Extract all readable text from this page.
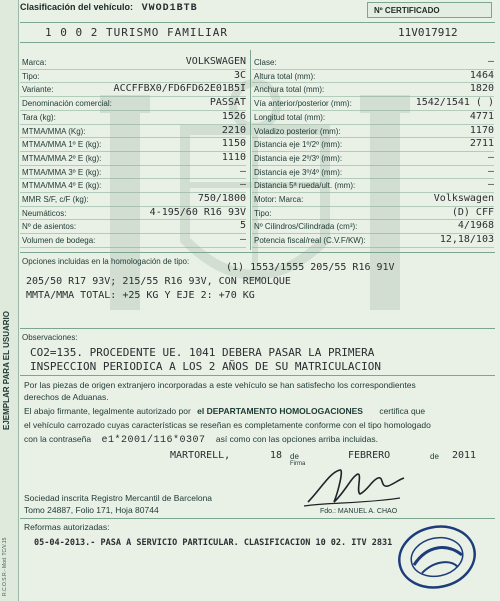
EJEMPLAR PARA EL USUARIO
R.C.O.S.R.- Mod. TC/V.15
Clasificación del vehículo: VWOD1BTB	Nº CERTIFICADO
1 0 0 2 TURISMO FAMILIAR	11V017912
Marca:	VOLKSWAGEN
Tipo:	3C
Variante:	ACCFFBX0/FD6FD62E01B5I
Denominación comercial:	PASSAT
Tara (kg):	1526
MTMA/MMA (Kg):	2210
MTMA/MMA 1º E (kg):	1150
MTMA/MMA 2º E (kg):	1110
MTMA/MMA 3º E (kg):	—
MTMA/MMA 4º E (kg):	—
MMR S/F, c/F (kg):	750/1800
Neumáticos:	4-195/60 R16 93V
Nº de asientos:	5
Volumen de bodega:	—
Clase:	—
Altura total (mm):	1464
Anchura total (mm):	1820
Vía anterior/posterior (mm):	1542/1541 ( )
Longitud total (mm):	4771
Voladizo posterior (mm):	1170
Distancia eje 1º/2º (mm):	2711
Distancia eje 2º/3º (mm):	—
Distancia eje 3º/4º (mm):	—
Distancia 5ª rueda/ult. (mm):	—
Motor: Marca:	Volkswagen
Tipo:	(D) CFF
Nº Cilindros/Cilindrada (cm³):	4/1968
Potencia fiscal/real (C.V.F/KW):	12,18/103
Opciones incluidas en la homologación de tipo:
(1) 1553/1555 205/55 R16 91V
205/50 R17 93V; 215/55 R16 93V, CON REMOLQUE
MMTA/MMA TOTAL: +25 KG Y EJE 2: +70 KG
Observaciones:
CO2=135. PROCEDENTE UE. 1041 DEBERA PASAR LA PRIMERA
INSPECCION PERIODICA A LOS 2 AÑOS DE SU MATRICULACION
Por las piezas de origen extranjero incorporadas a este vehículo se han satisfecho los correspondientes
derechos de Aduanas.
El abajo firmante, legalmente autorizado por el DEPARTAMENTO HOMOLOGACIONES certifica que
el vehículo carrozado cuyas características se reseñan es completamente conforme con el tipo homologado
con la contraseña e1*2001/116*0307 así como con las opciones arriba incluidas.
MARTORELL,	18 de	FEBRERO	de 2011
Firma
Sociedad inscrita Registro Mercantil de Barcelona
Tomo 24887, Folio 171, Hoja 80744	Fdo.: MANUEL A. CHAO
Reformas autorizadas:
05-04-2013.- PASA A SERVICIO PARTICULAR. CLASIFICACION 10 02. ITV 2831
